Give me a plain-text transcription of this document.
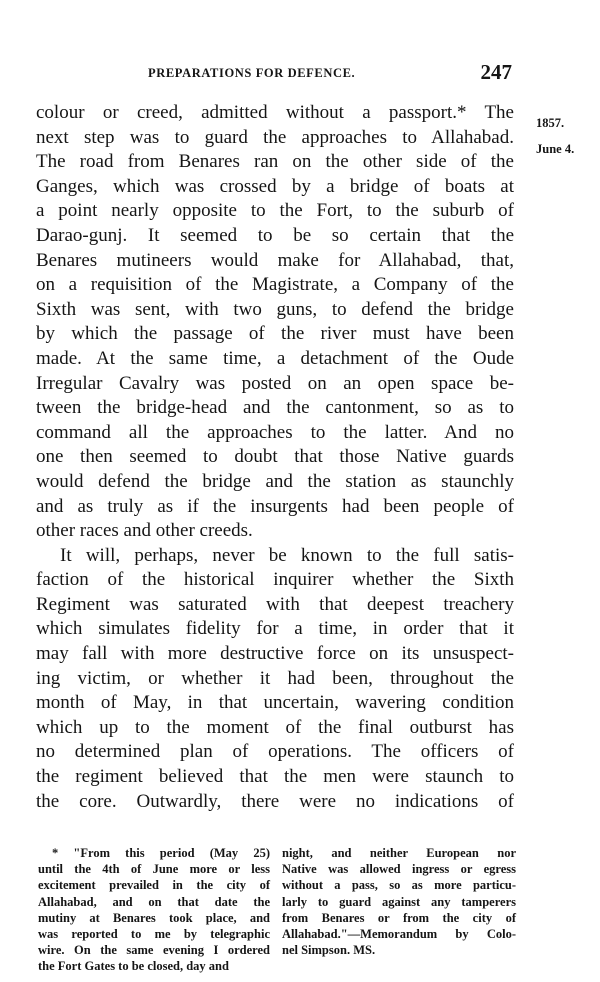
PREPARATIONS FOR DEFENCE.	247
1857.
June 4.
colour or creed, admitted without a passport.* The
next step was to guard the approaches to Allahabad.
The road from Benares ran on the other side of the
Ganges, which was crossed by a bridge of boats at
a point nearly opposite to the Fort, to the suburb of
Darao-gunj. It seemed to be so certain that the
Benares mutineers would make for Allahabad, that,
on a requisition of the Magistrate, a Company of the
Sixth was sent, with two guns, to defend the bridge
by which the passage of the river must have been
made. At the same time, a detachment of the Oude
Irregular Cavalry was posted on an open space be-
tween the bridge-head and the cantonment, so as to
command all the approaches to the latter. And no
one then seemed to doubt that those Native guards
would defend the bridge and the station as staunchly
and as truly as if the insurgents had been people of
other races and other creeds.
It will, perhaps, never be known to the full satis-
faction of the historical inquirer whether the Sixth
Regiment was saturated with that deepest treachery
which simulates fidelity for a time, in order that it
may fall with more destructive force on its unsuspect-
ing victim, or whether it had been, throughout the
month of May, in that uncertain, wavering condition
which up to the moment of the final outburst has
no determined plan of operations. The officers of
the regiment believed that the men were staunch to
the core. Outwardly, there were no indications of
* "From this period (May 25)
until the 4th of June more or less
excitement prevailed in the city of
Allahabad, and on that date the
mutiny at Benares took place, and
was reported to me by telegraphic
wire. On the same evening I ordered
the Fort Gates to be closed, day and
night, and neither European nor
Native was allowed ingress or egress
without a pass, so as more particu-
larly to guard against any tamperers
from Benares or from the city of
Allahabad."—Memorandum by Colo-
nel Simpson. MS.
